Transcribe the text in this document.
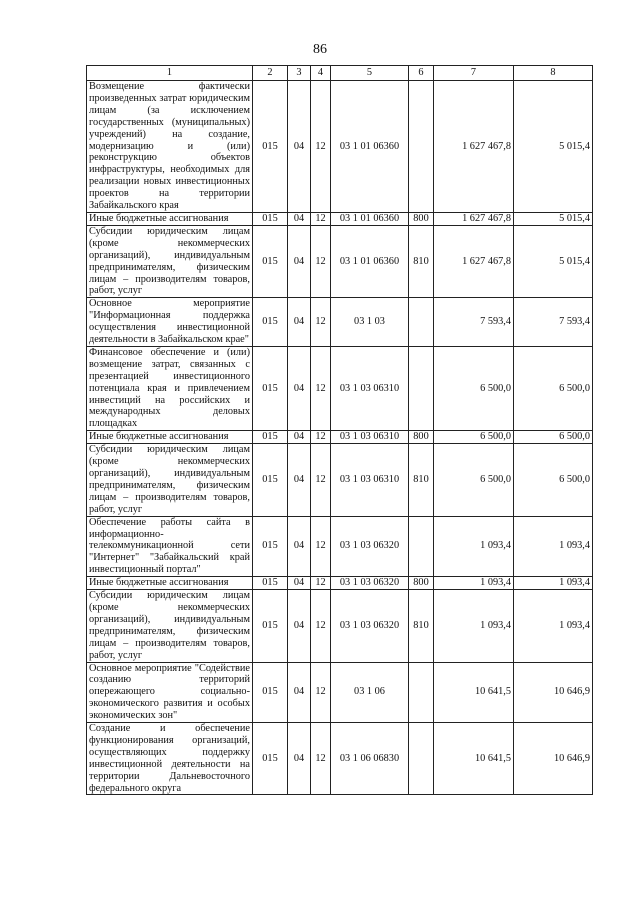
86
1	2	3	4	5	6	7	8
Возмещение фактически произведенных затрат юридическим лицам (за исключением государственных (муниципальных) учреждений) на создание, модернизацию и (или) реконструкцию объектов инфраструктуры, необходимых для реализации новых инвестиционных проектов на территории Забайкальского края	015	04	12	03 1 01 06360		1 627 467,8	5 015,4
Иные бюджетные ассигнования	015	04	12	03 1 01 06360	800	1 627 467,8	5 015,4
Субсидии юридическим лицам (кроме некоммерческих организаций), индивидуальным предпринимателям, физическим лицам – производителям товаров, работ, услуг	015	04	12	03 1 01 06360	810	1 627 467,8	5 015,4
Основное мероприятие "Информационная поддержка осуществления инвестиционной деятельности в Забайкальском крае"	015	04	12	03 1 03		7 593,4	7 593,4
Финансовое обеспечение и (или) возмещение затрат, связанных с презентацией инвестиционного потенциала края и привлечением инвестиций на российских и международных деловых площадках	015	04	12	03 1 03 06310		6 500,0	6 500,0
Иные бюджетные ассигнования	015	04	12	03 1 03 06310	800	6 500,0	6 500,0
Субсидии юридическим лицам (кроме некоммерческих организаций), индивидуальным предпринимателям, физическим лицам – производителям товаров, работ, услуг	015	04	12	03 1 03 06310	810	6 500,0	6 500,0
Обеспечение работы сайта в информационно-телекоммуникационной сети "Интернет" "Забайкальский край инвестиционный портал"	015	04	12	03 1 03 06320		1 093,4	1 093,4
Иные бюджетные ассигнования	015	04	12	03 1 03 06320	800	1 093,4	1 093,4
Субсидии юридическим лицам (кроме некоммерческих организаций), индивидуальным предпринимателям, физическим лицам – производителям товаров, работ, услуг	015	04	12	03 1 03 06320	810	1 093,4	1 093,4
Основное мероприятие "Содействие созданию территорий опережающего социально-экономического развития и особых экономических зон"	015	04	12	03 1 06		10 641,5	10 646,9
Создание и обеспечение функционирования организаций, осуществляющих поддержку инвестиционной деятельности на территории Дальневосточного федерального округа	015	04	12	03 1 06 06830		10 641,5	10 646,9
